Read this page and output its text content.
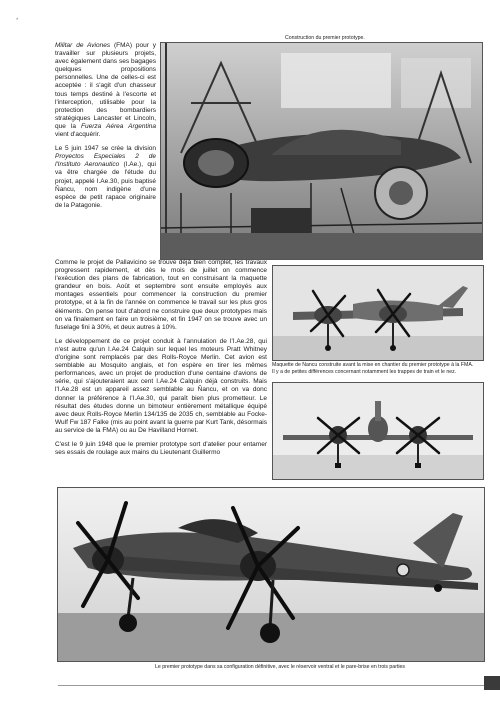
*
Construction du premier prototype.

Militar de Aviones (FMA) pour y travailler sur plusieurs projets, avec également dans ses bagages quelques propositions personnelles. Une de celles-ci est acceptée : il s'agit d'un chasseur tous temps destiné à l'escorte et l'interception, utilisable pour la protection des bombardiers stratégiques Lancaster et Lincoln, que la Fuerza Aérea Argentina vient d'acquérir.

Le 5 juin 1947 se crée la division Proyectos Especiales 2 de l'Instituto Aeronautico (I.Ae.), qui va être chargée de l'étude du projet, appelé I.Ae.30, puis baptisé Ñancu, nom indigène d'une espèce de petit rapace originaire de la Patagonie.

Comme le projet de Pallavicino se trouve déjà bien complet, les travaux progressent rapidement, et dès le mois de juillet on commence l'exécution des plans de fabrication, tout en construisant la maquette grandeur en bois. Août et septembre sont ensuite employés aux montages essentiels pour commencer la construction du premier prototype, et à la fin de l'année on commence le travail sur les plus gros éléments. On pense tout d'abord ne construire que deux prototypes mais on va finalement en faire un troisième, et fin 1947 on se trouve avec un fuselage fini à 30%, et deux autres à 10%.

Le développement de ce projet conduit à l'annulation de l'I.Ae.28, qui n'est autre qu'un I.Ae.24 Calquin sur lequel les moteurs Pratt Whitney d'origine sont remplacés par des Rolls-Royce Merlin. Cet avion est semblable au Mosquito anglais, et l'on espère en tirer les mêmes performances, avec un projet de production d'une centaine d'avions de série, qui s'ajouteraient aux cent I.Ae.24 Calquin déjà construits. Mais l'I.Ae.28 est un appareil assez semblable au Ñancu, et on va donc donner la préférence à l'I.Ae.30, qui paraît bien plus prometteur. Le résultat des études donne un bimoteur entièrement métallique équipé avec deux Rolls-Royce Merlin 134/135 de 2035 ch, semblable au Focke-Wulf Fw 187 Falke (mis au point avant la guerre par Kurt Tank, désormais au service de la FMA) ou au De Havilland Hornet.

C'est le 9 juin 1948 que le premier prototype sort d'atelier pour entamer ses essais de roulage aux mains du Lieutenant Guillermo

Maquette de Nancu construite avant la mise en chantier du premier prototype à la FMA.
Il y a de petites différences concernant notamment les trappes de train et le nez.
Le premier prototype dans sa configuration définitive, avec le réservoir ventral et le pare-brise en trois parties
